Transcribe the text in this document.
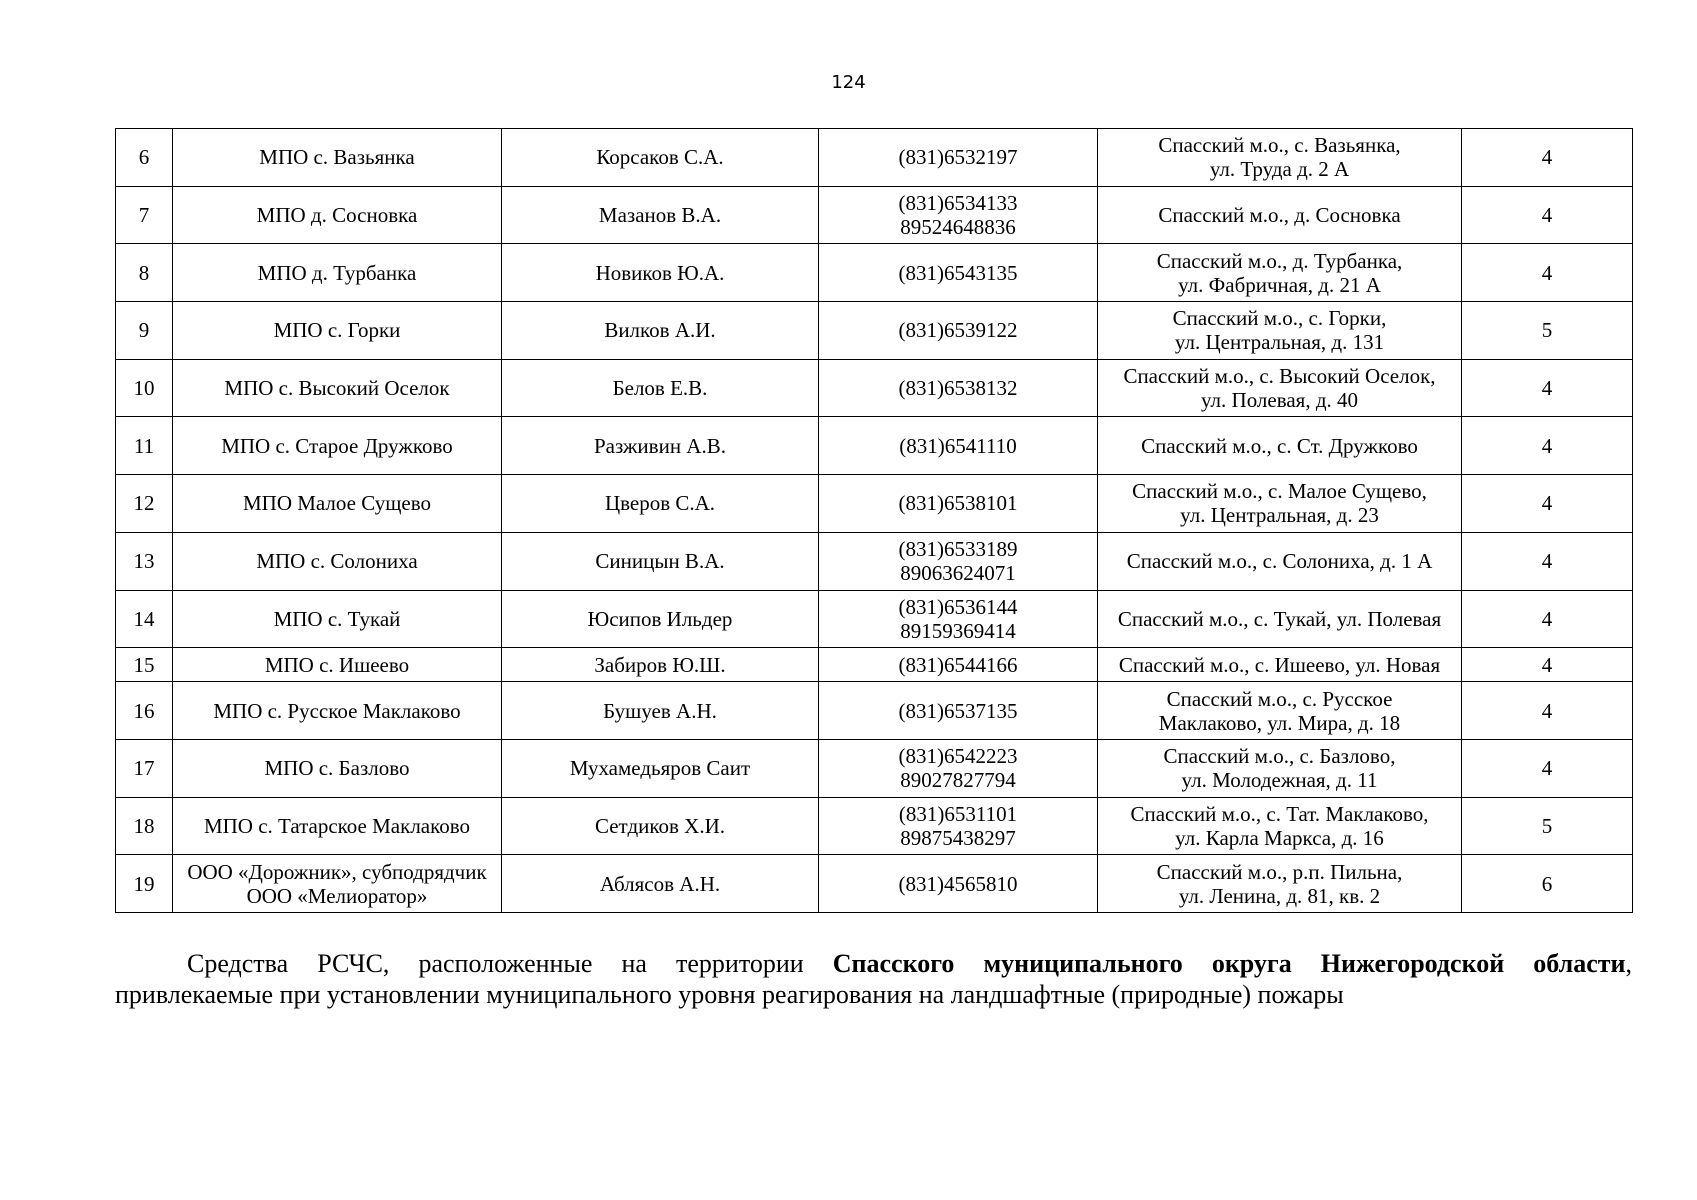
124
6	МПО с. Вазьянка	Корсаков С.А.	(831)6532197	Спасский м.о., с. Вазьянка,
ул. Труда д. 2 А	4
7	МПО д. Сосновка	Мазанов В.А.	(831)6534133
89524648836	Спасский м.о., д. Сосновка	4
8	МПО д. Турбанка	Новиков Ю.А.	(831)6543135	Спасский м.о., д. Турбанка,
ул. Фабричная, д. 21 А	4
9	МПО с. Горки	Вилков А.И.	(831)6539122	Спасский м.о., с. Горки,
ул. Центральная, д. 131	5
10	МПО с. Высокий Оселок	Белов Е.В.	(831)6538132	Спасский м.о., с. Высокий Оселок,
ул. Полевая, д. 40	4
11	МПО с. Старое Дружково	Разживин А.В.	(831)6541110	Спасский м.о., с. Ст. Дружково	4
12	МПО Малое Сущево	Цверов С.А.	(831)6538101	Спасский м.о., с. Малое Сущево,
ул. Центральная, д. 23	4
13	МПО с. Солониха	Синицын В.А.	(831)6533189
89063624071	Спасский м.о., с. Солониха, д. 1 А	4
14	МПО с. Тукай	Юсипов Ильдер	(831)6536144
89159369414	Спасский м.о., с. Тукай, ул. Полевая	4
15	МПО с. Ишеево	Забиров Ю.Ш.	(831)6544166	Спасский м.о., с. Ишеево, ул. Новая	4
16	МПО с. Русское Маклаково	Бушуев А.Н.	(831)6537135	Спасский м.о., с. Русское
Маклаково, ул. Мира, д. 18	4
17	МПО с. Базлово	Мухамедьяров Саит	(831)6542223
89027827794	Спасский м.о., с. Базлово,
ул. Молодежная, д. 11	4
18	МПО с. Татарское Маклаково	Сетдиков Х.И.	(831)6531101
89875438297	Спасский м.о., с. Тат. Маклаково,
ул. Карла Маркса, д. 16	5
19	ООО «Дорожник», субподрядчик
ООО «Мелиоратор»	Аблясов А.Н.	(831)4565810	Спасский м.о., р.п. Пильна,
ул. Ленина, д. 81, кв. 2	6
Средства РСЧС, расположенные на территории Спасского муниципального округа Нижегородской области,
привлекаемые при установлении муниципального уровня реагирования на ландшафтные (природные) пожары
